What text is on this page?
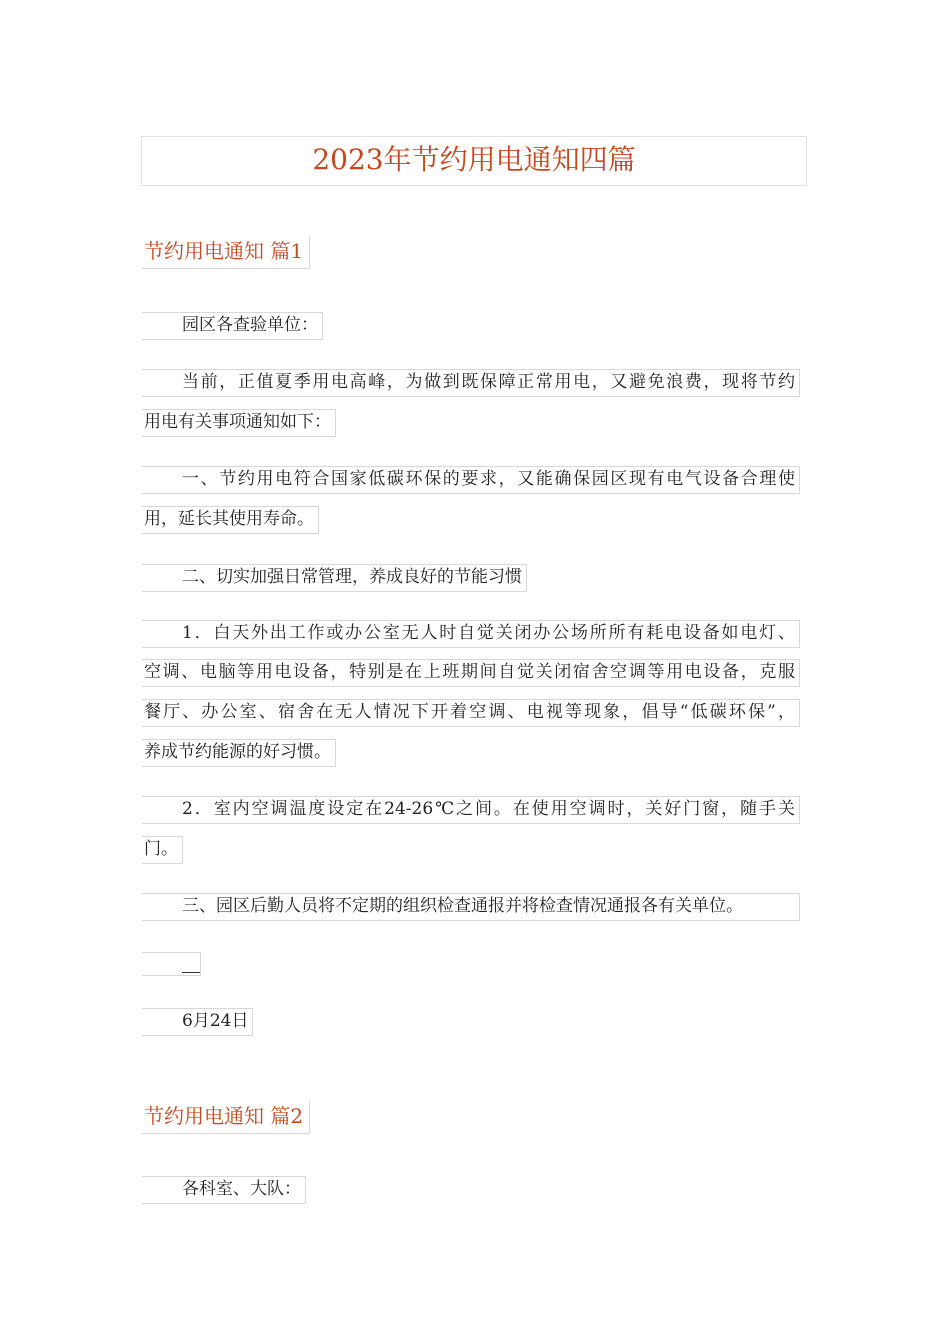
2023年节约用电通知四篇
节约用电通知 篇1
园区各查验单位：
当前，正值夏季用电高峰，为做到既保障正常用电，又避免浪费，现将节约
用电有关事项通知如下：
一、节约用电符合国家低碳环保的要求，又能确保园区现有电气设备合理使
用，延长其使用寿命。
二、切实加强日常管理，养成良好的节能习惯
1．白天外出工作或办公室无人时自觉关闭办公场所所有耗电设备如电灯、
空调、电脑等用电设备，特别是在上班期间自觉关闭宿舍空调等用电设备，克服
餐厅、办公室、宿舍在无人情况下开着空调、电视等现象，倡导“低碳环保”，
养成节约能源的好习惯。
2．室内空调温度设定在24-26℃之间。在使用空调时，关好门窗，随手关
门。
三、园区后勤人员将不定期的组织检查通报并将检查情况通报各有关单位。
6月24日
节约用电通知 篇2
各科室、大队：
